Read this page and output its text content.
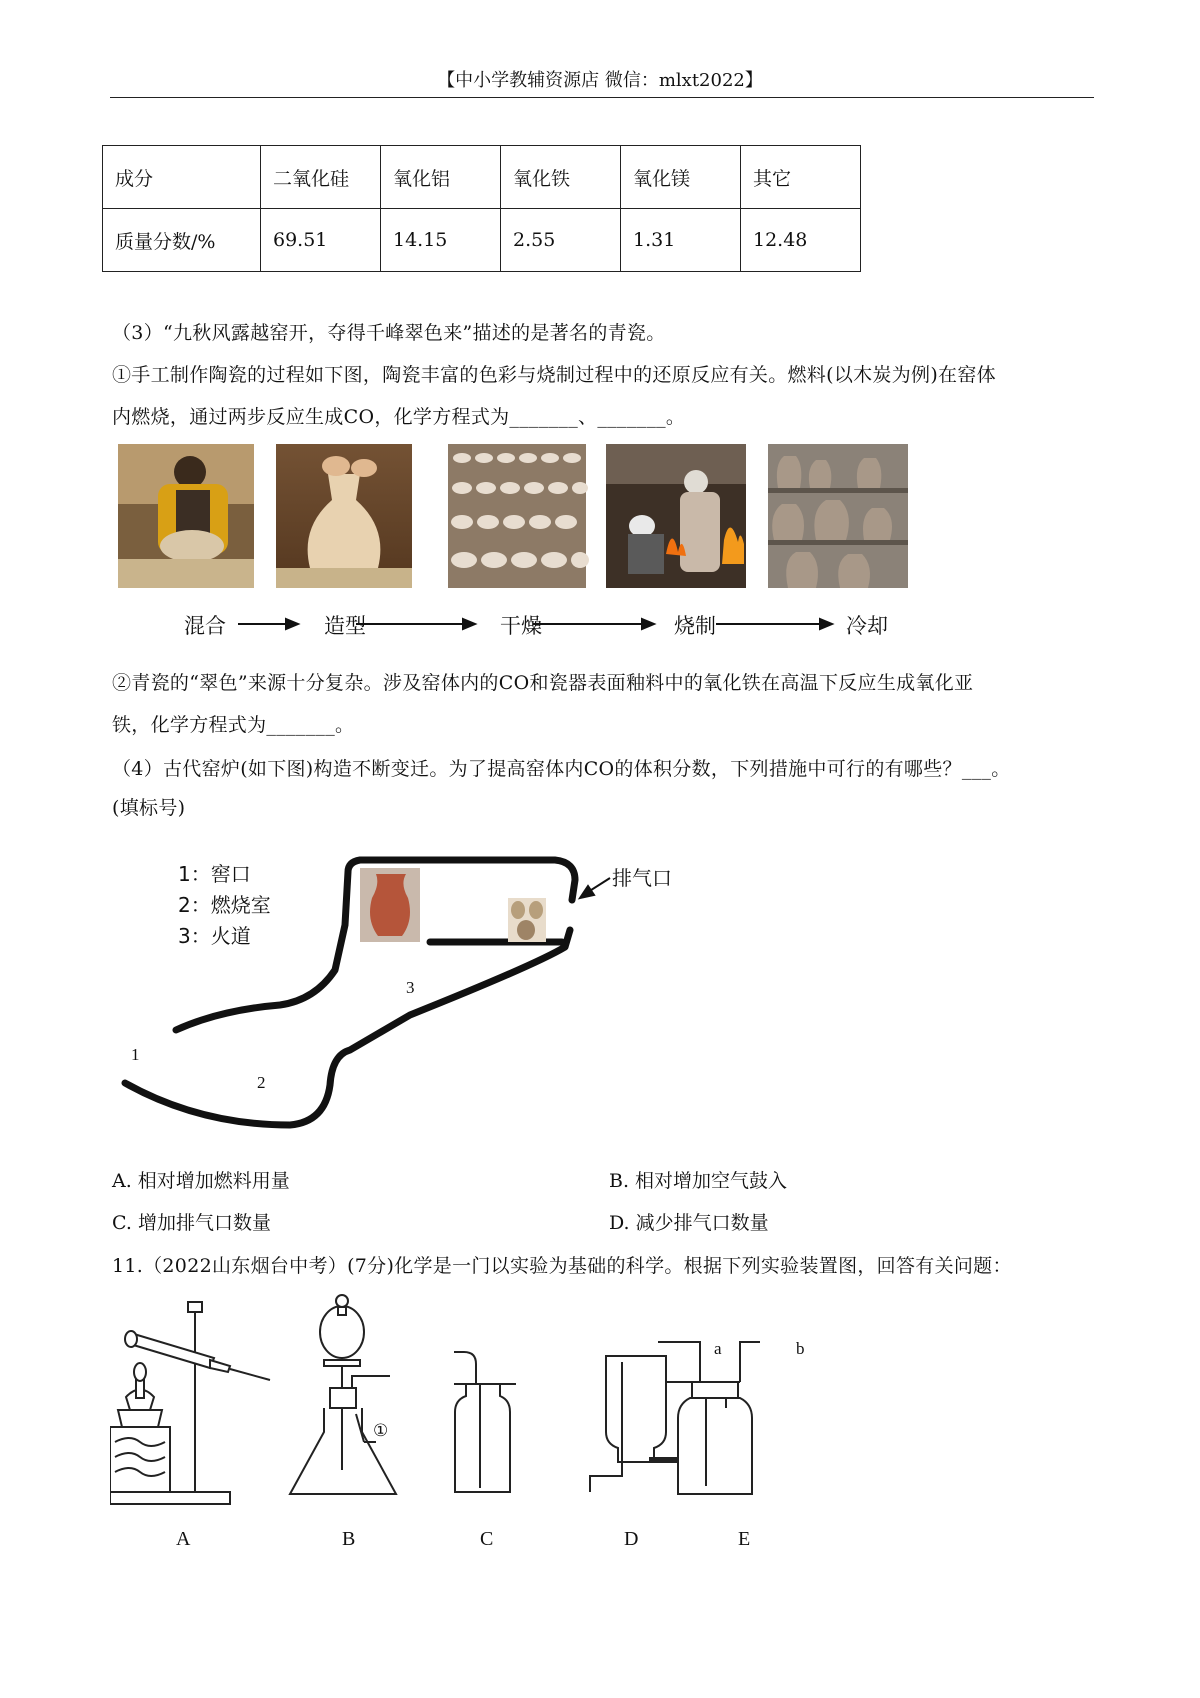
【中小学教辅资源店 微信：mlxt2022】
成分	二氧化硅	氧化铝	氧化铁	氧化镁	其它
质量分数/%	69.51	14.15	2.55	1.31	12.48
（3）“九秋风露越窑开，夺得千峰翠色来”描述的是著名的青瓷。
①手工制作陶瓷的过程如下图，陶瓷丰富的色彩与烧制过程中的还原反应有关。燃料(以木炭为例)在窑体
内燃烧，通过两步反应生成CO，化学方程式为_______、_______。
混合	造型	干燥	烧制	冷却
②青瓷的“翠色”来源十分复杂。涉及窑体内的CO和瓷器表面釉料中的氧化铁在高温下反应生成氧化亚
铁，化学方程式为_______。
（4）古代窑炉(如下图)构造不断变迁。为了提高窑体内CO的体积分数，下列措施中可行的有哪些？___。
(填标号)
1：窖口
2：燃烧室
3：火道
排气口
1
2
3
A. 相对增加燃料用量	B. 相对增加空气鼓入
C. 增加排气口数量	D. 减少排气口数量
11.（2022山东烟台中考）(7分)化学是一门以实验为基础的科学。根据下列实验装置图，回答有关问题：
①
a	b
A	B	C	D	E
